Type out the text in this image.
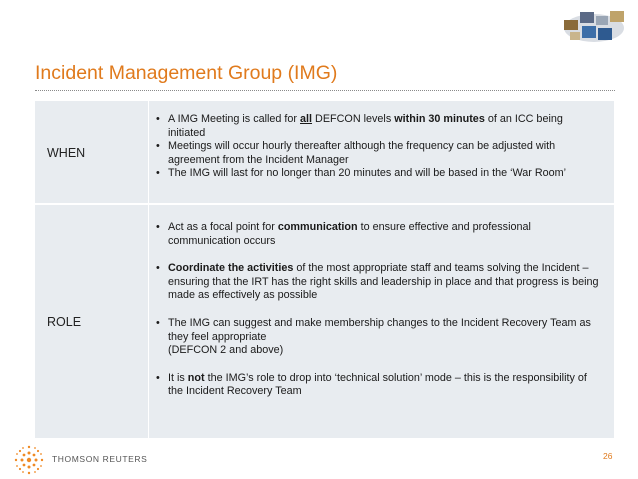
Incident Management Group (IMG)
WHEN

• A IMG Meeting is called for all DEFCON levels within 30 minutes of an ICC being initiated

• Meetings will occur hourly thereafter although the frequency can be adjusted with agreement from the Incident Manager

• The IMG will last for no longer than 20 minutes and will be based in the ‘War Room’

ROLE

• Act as a focal point for communication to ensure effective and professional communication occurs

• Coordinate the activities of the most appropriate staff and teams solving the Incident – ensuring that the IRT has the right skills and leadership in place and that progress is being made as effectively as possible

• The IMG can suggest and make membership changes to the Incident Recovery Team as they feel appropriate
(DEFCON 2 and above)

• It is not the IMG’s role to drop into ‘technical solution’ mode – this is the responsibility of the Incident Recovery Team

THOMSON REUTERS	26
